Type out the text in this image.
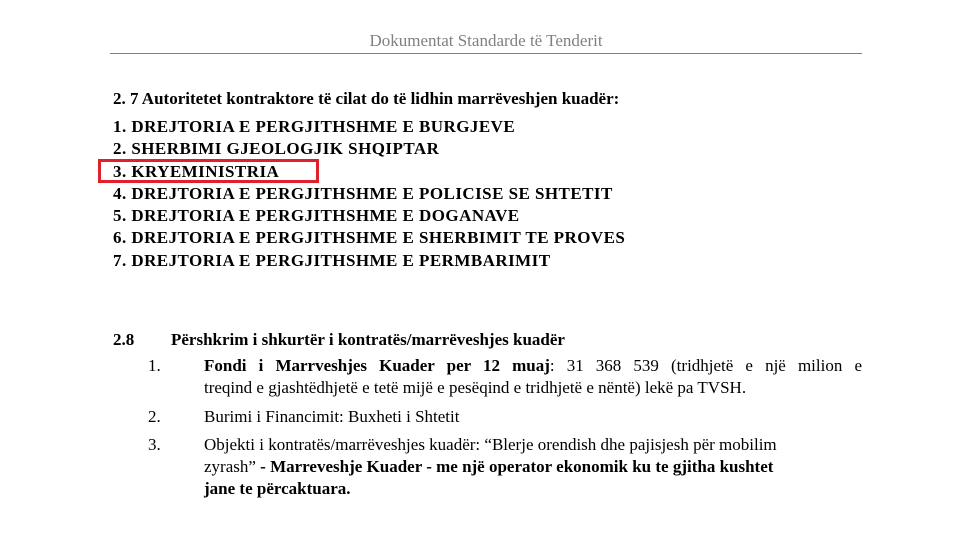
Dokumentat Standarde të Tenderit
2. 7 Autoritetet kontraktore të cilat do të lidhin marrëveshjen kuadër:
1. DREJTORIA E PERGJITHSHME E BURGJEVE
2. SHERBIMI GJEOLOGJIK SHQIPTAR
3. KRYEMINISTRIA
4. DREJTORIA E PERGJITHSHME E POLICISE SE SHTETIT
5. DREJTORIA E PERGJITHSHME E DOGANAVE
6. DREJTORIA E PERGJITHSHME E SHERBIMIT TE PROVES
7. DREJTORIA E PERGJITHSHME E PERMBARIMIT
2.8 Përshkrim i shkurtër i kontratës/marrëveshjes kuadër
1.	Fondi i Marrveshjes Kuader per 12 muaj: 31 368 539 (tridhjetë e një milion e
treqind e gjashtëdhjetë e tetë mijë e pesëqind e tridhjetë e nëntë) lekë pa TVSH.
2.	Burimi i Financimit: Buxheti i Shtetit
3.	Objekti i kontratës/marrëveshjes kuadër: “Blerje orendish dhe pajisjesh për mobilim
zyrash” - Marreveshje Kuader - me një operator ekonomik ku te gjitha kushtet
jane te përcaktuara.
